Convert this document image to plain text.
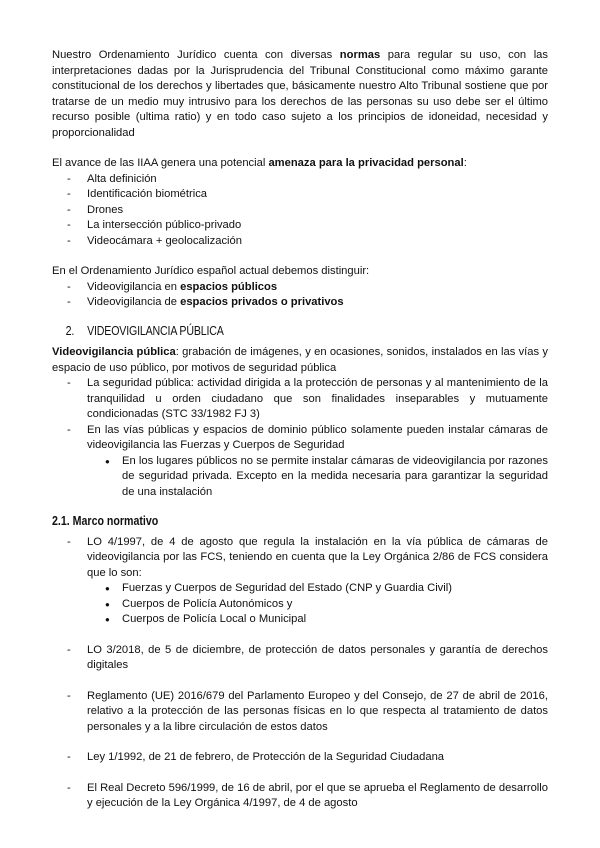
Nuestro Ordenamiento Jurídico cuenta con diversas normas para regular su uso, con las interpretaciones dadas por la Jurisprudencia del Tribunal Constitucional como máximo garante constitucional de los derechos y libertades que, básicamente nuestro Alto Tribunal sostiene que por tratarse de un medio muy intrusivo para los derechos de las personas su uso debe ser el último recurso posible (ultima ratio) y en todo caso sujeto a los principios de idoneidad, necesidad y proporcionalidad

El avance de las IIAA genera una potencial amenaza para la privacidad personal:

- Alta definición
- Identificación biométrica
- Drones
- La intersección público-privado
- Videocámara + geolocalización

En el Ordenamiento Jurídico español actual debemos distinguir:

- Videovigilancia en espacios públicos
- Videovigilancia de espacios privados o privativos
2. VIDEOVIGILANCIA PÚBLICA

Videovigilancia pública: grabación de imágenes, y en ocasiones, sonidos, instalados en las vías y espacio de uso público, por motivos de seguridad pública

- La seguridad pública: actividad dirigida a la protección de personas y al mantenimiento de la tranquilidad u orden ciudadano que son finalidades inseparables y mutuamente condicionadas (STC 33/1982 FJ 3)
- En las vías públicas y espacios de dominio público solamente pueden instalar cámaras de videovigilancia las Fuerzas y Cuerpos de Seguridad
● En los lugares públicos no se permite instalar cámaras de videovigilancia por razones de seguridad privada. Excepto en la medida necesaria para garantizar la seguridad de una instalación
2.1. Marco normativo
- LO 4/1997, de 4 de agosto que regula la instalación en la vía pública de cámaras de videovigilancia por las FCS, teniendo en cuenta que la Ley Orgánica 2/86 de FCS considera que lo son:
● Fuerzas y Cuerpos de Seguridad del Estado (CNP y Guardia Civil)
● Cuerpos de Policía Autonómicos y
● Cuerpos de Policía Local o Municipal
- LO 3/2018, de 5 de diciembre, de protección de datos personales y garantía de derechos digitales
- Reglamento (UE) 2016/679 del Parlamento Europeo y del Consejo, de 27 de abril de 2016, relativo a la protección de las personas físicas en lo que respecta al tratamiento de datos personales y a la libre circulación de estos datos
- Ley 1/1992, de 21 de febrero, de Protección de la Seguridad Ciudadana
- El Real Decreto 596/1999, de 16 de abril, por el que se aprueba el Reglamento de desarrollo y ejecución de la Ley Orgánica 4/1997, de 4 de agosto
